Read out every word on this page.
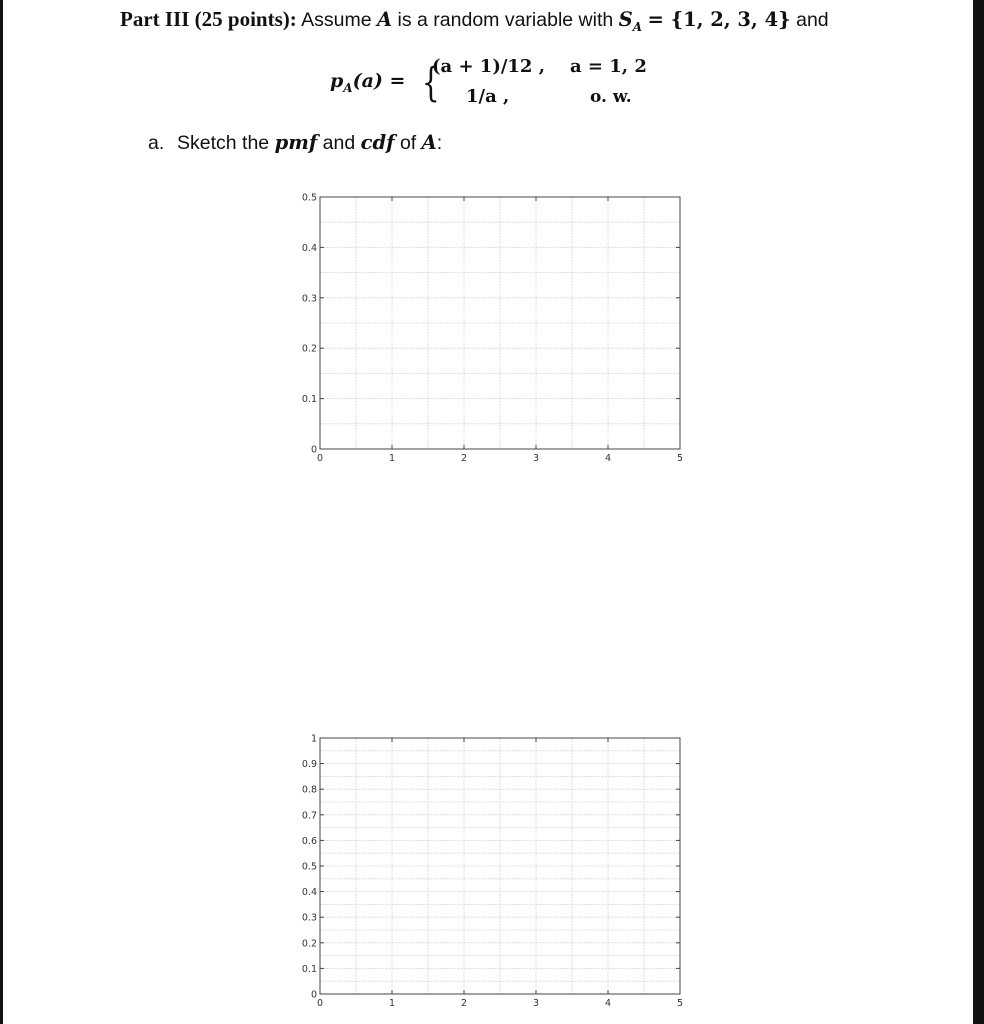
Part III (25 points): Assume A is a random variable with $S_A = \{1$, 2, 3, 4} and
$p_A(a)$ = {
(a + 1)/12 , a = 1, 2
1/a ,	o. w.
a. Sketch the pmf and cdf of A:
0	1	2	3	4	5
0
0.1
0.2
0.3
0.4
0.5
0	1	2	3	4	5
0
0.1
0.2
0.3
0.4
0.5
0.6
0.7
0.8
0.9
1
